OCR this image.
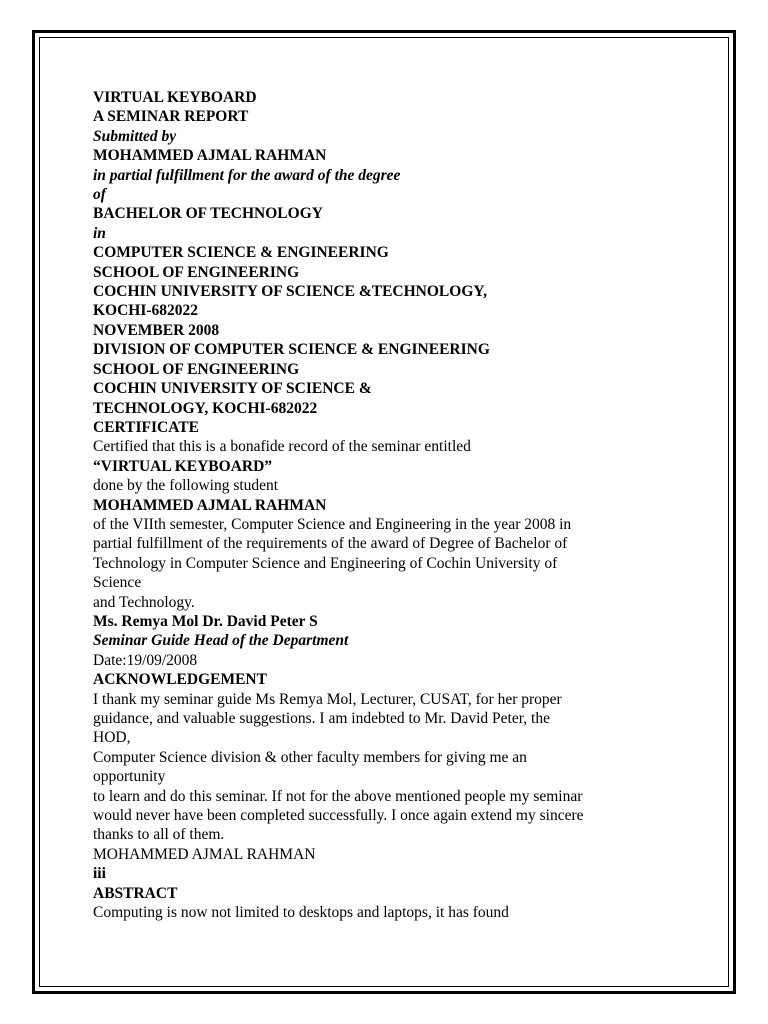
VIRTUAL KEYBOARD
A SEMINAR REPORT
Submitted by
MOHAMMED AJMAL RAHMAN
in partial fulfillment for the award of the degree
of
BACHELOR OF TECHNOLOGY
in
COMPUTER SCIENCE & ENGINEERING
SCHOOL OF ENGINEERING
COCHIN UNIVERSITY OF SCIENCE &TECHNOLOGY,
KOCHI-682022
NOVEMBER 2008
DIVISION OF COMPUTER SCIENCE & ENGINEERING
SCHOOL OF ENGINEERING
COCHIN UNIVERSITY OF SCIENCE &
TECHNOLOGY, KOCHI-682022
CERTIFICATE
Certified that this is a bonafide record of the seminar entitled
“VIRTUAL KEYBOARD”
done by the following student
MOHAMMED AJMAL RAHMAN
of the VIIth semester, Computer Science and Engineering in the year 2008 in
partial fulfillment of the requirements of the award of Degree of Bachelor of
Technology in Computer Science and Engineering of Cochin University of
Science
and Technology.
Ms. Remya Mol Dr. David Peter S
Seminar Guide Head of the Department
Date:19/09/2008
ACKNOWLEDGEMENT
I thank my seminar guide Ms Remya Mol, Lecturer, CUSAT, for her proper
guidance, and valuable suggestions. I am indebted to Mr. David Peter, the
HOD,
Computer Science division & other faculty members for giving me an
opportunity
to learn and do this seminar. If not for the above mentioned people my seminar
would never have been completed successfully. I once again extend my sincere
thanks to all of them.
MOHAMMED AJMAL RAHMAN
iii
ABSTRACT
Computing is now not limited to desktops and laptops, it has found
